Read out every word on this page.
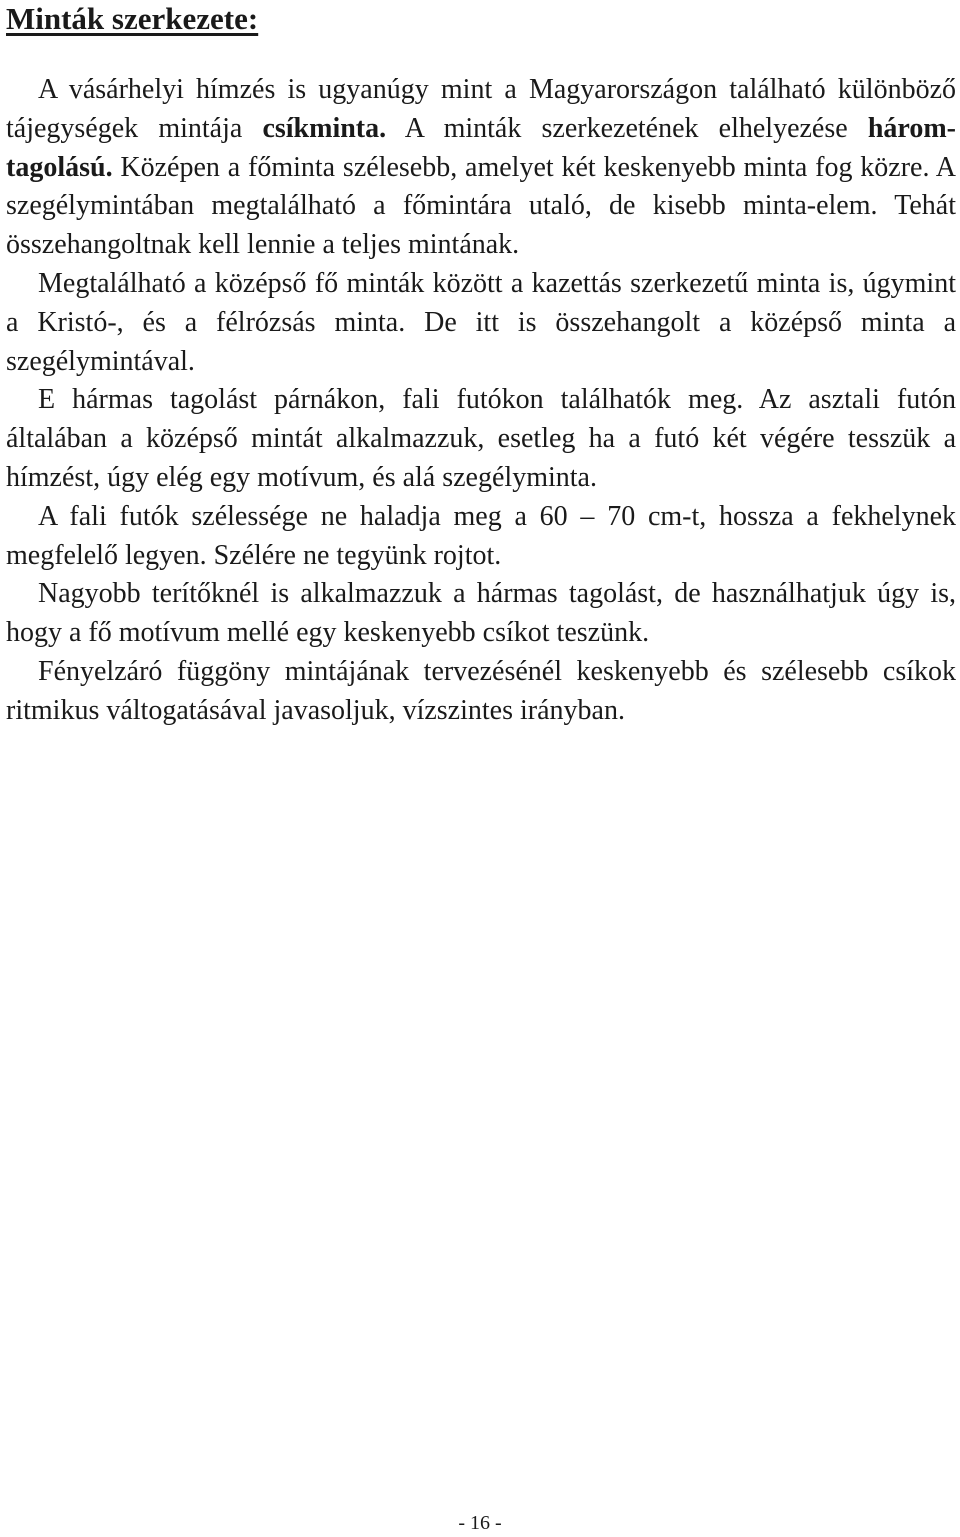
Minták szerkezete:

A vásárhelyi hímzés is ugyanúgy mint a Magyarországon található különböző tájegységek mintája csíkminta. A minták szerkezetének elhelyezése három-tagolású. Középen a főminta szélesebb, amelyet két keskenyebb minta fog közre. A szegélymintában megtalálható a főmintára utaló, de kisebb minta-elem. Tehát összehangoltnak kell lennie a teljes mintának.

Megtalálható a középső fő minták között a kazettás szerkezetű minta is, úgymint a Kristó-, és a félrózsás minta. De itt is összehangolt a középső minta a szegélymintával.

E hármas tagolást párnákon, fali futókon találhatók meg. Az asztali futón általában a középső mintát alkalmazzuk, esetleg ha a futó két végére tesszük a hímzést, úgy elég egy motívum, és alá szegélyminta.

A fali futók szélessége ne haladja meg a 60 – 70 cm-t, hossza a fekhelynek megfelelő legyen. Szélére ne tegyünk rojtot.

Nagyobb terítőknél is alkalmazzuk a hármas tagolást, de használhatjuk úgy is, hogy a fő motívum mellé egy keskenyebb csíkot teszünk.

Fényelzáró függöny mintájának tervezésénél keskenyebb és szélesebb csíkok ritmikus váltogatásával javasoljuk, vízszintes irányban.

- 16 -
